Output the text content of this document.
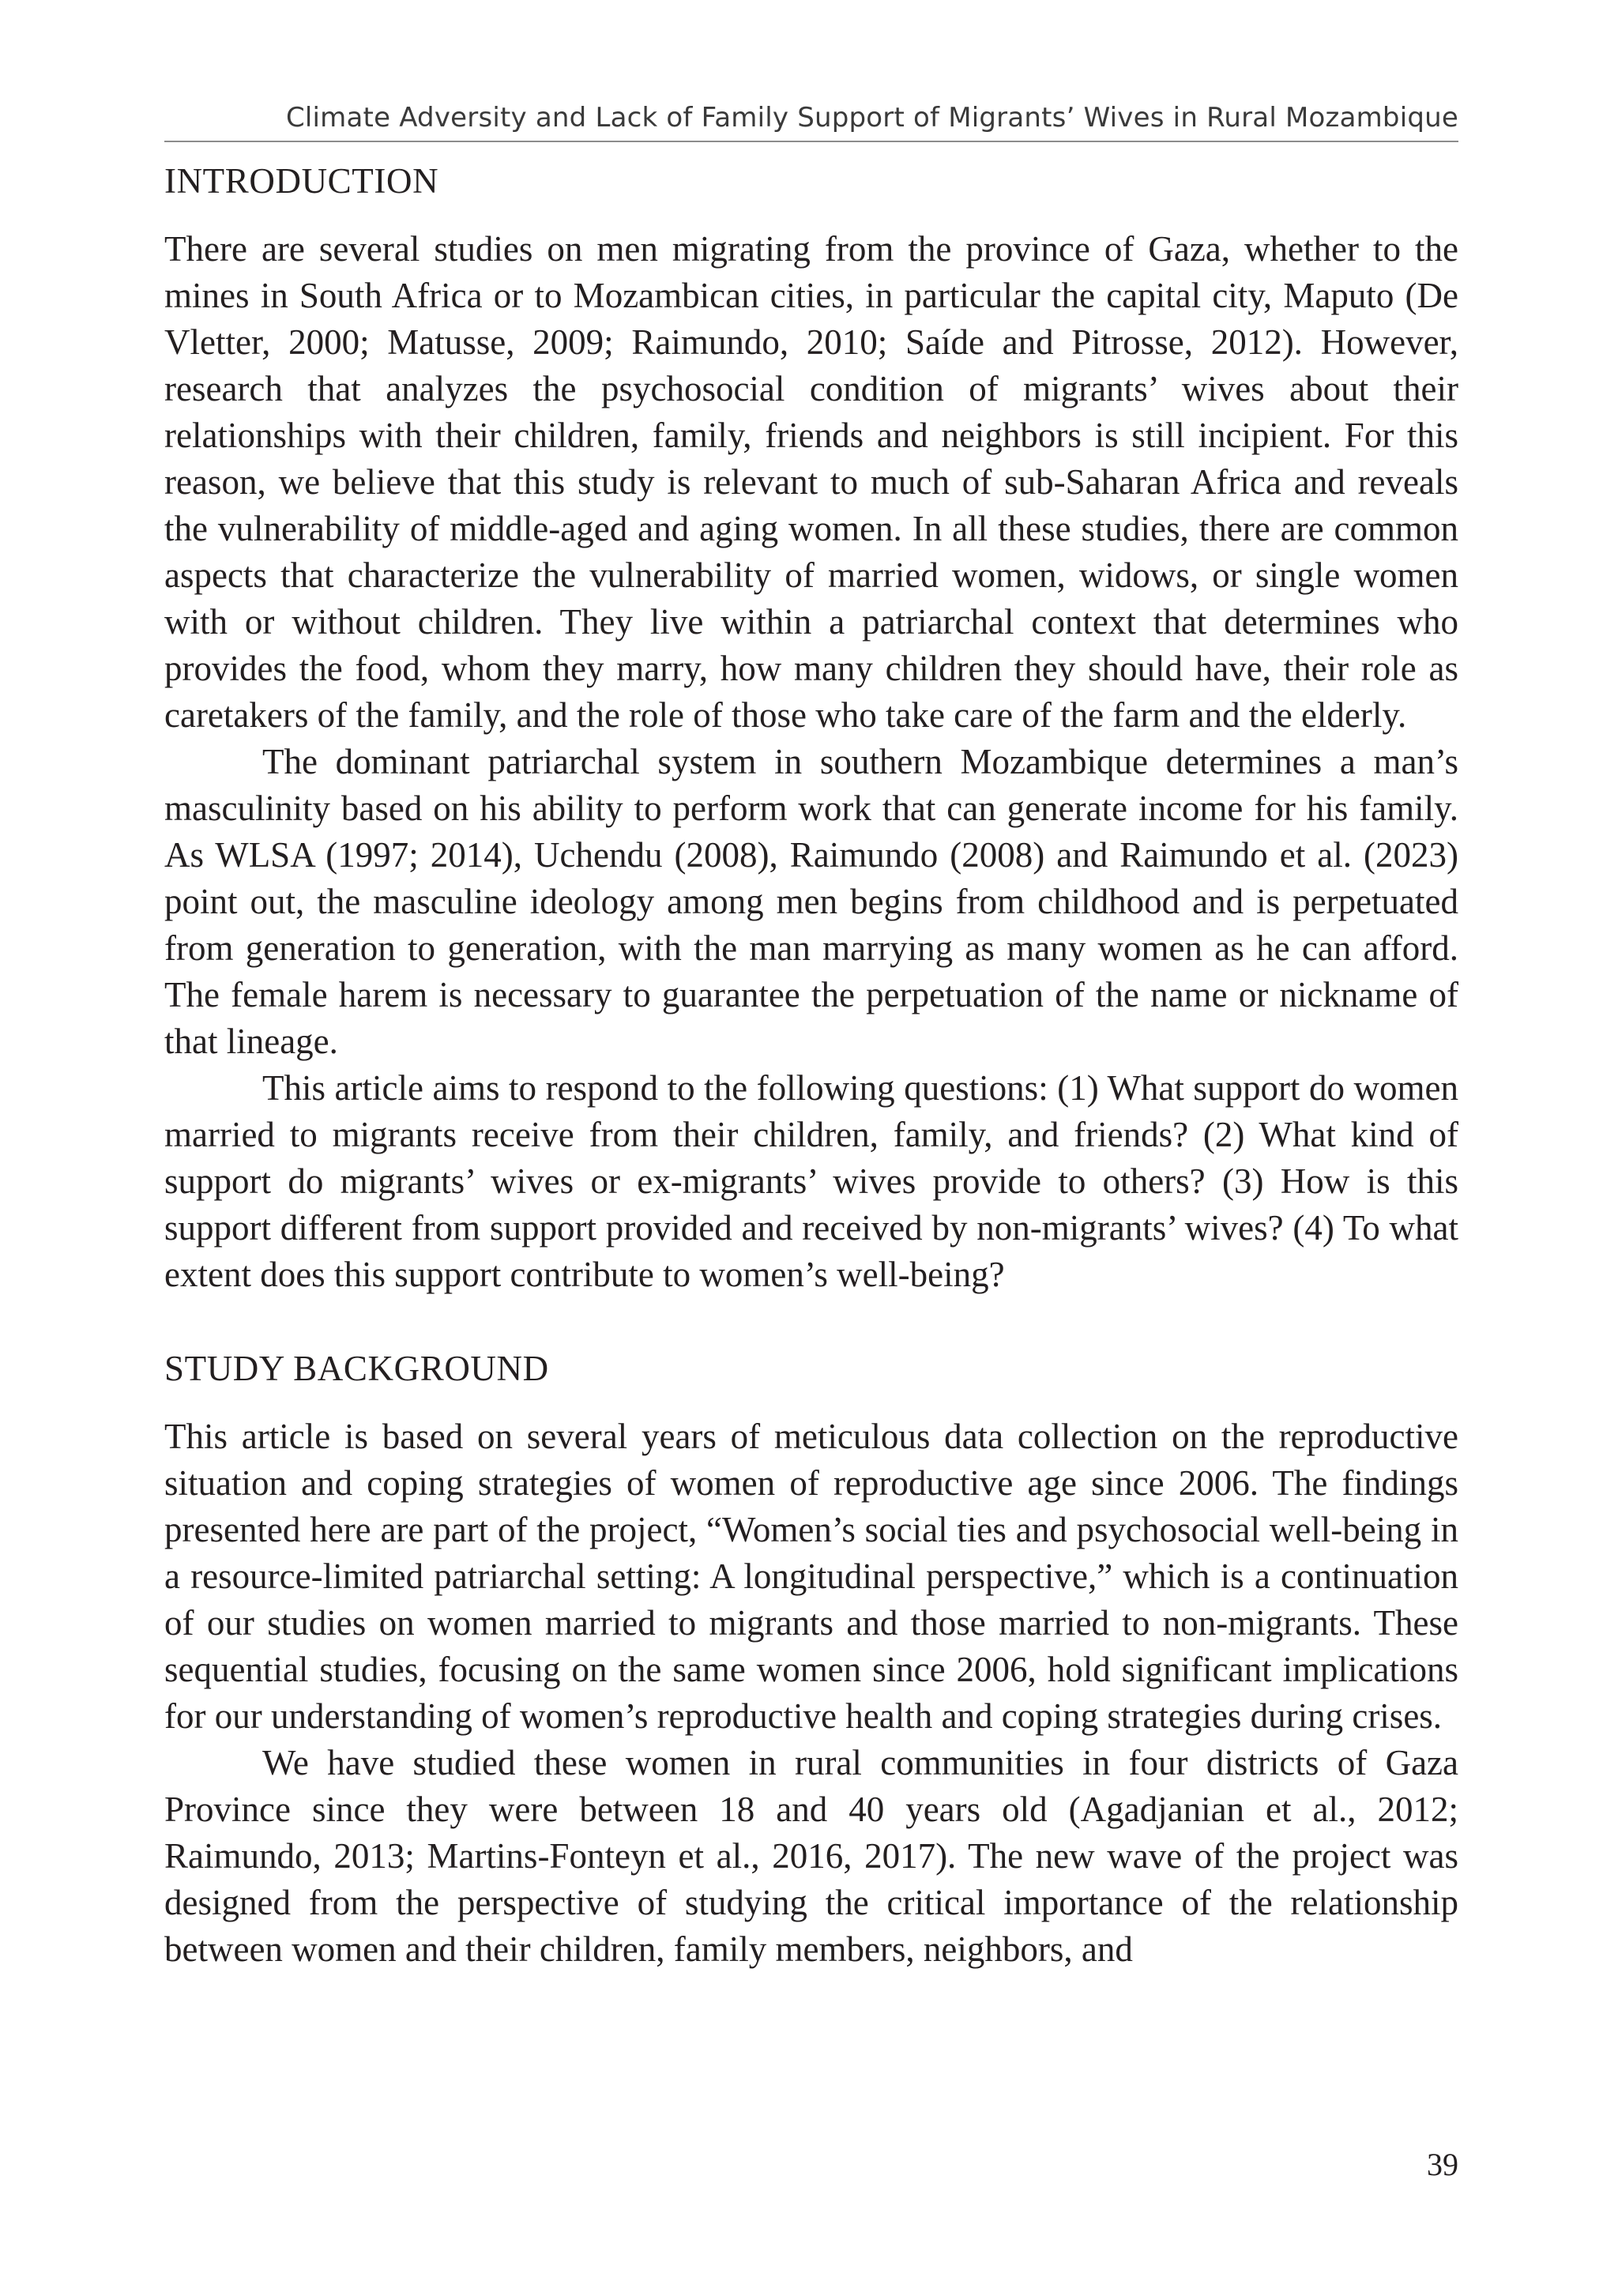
Climate Adversity and Lack of Family Support of Migrants’ Wives in Rural Mozambique
INTRODUCTION

There are several studies on men migrating from the province of Gaza, whether to the mines in South Africa or to Mozambican cities, in particular the capital city, Maputo (De Vletter, 2000; Matusse, 2009; Raimundo, 2010; Saíde and Pitrosse, 2012). However, research that analyzes the psychosocial condition of migrants’ wives about their relationships with their children, family, friends and neighbors is still incipient. For this reason, we believe that this study is relevant to much of sub-Saharan Africa and reveals the vulnerability of middle-aged and aging women. In all these studies, there are common aspects that characterize the vulnerability of married women, widows, or single women with or without children. They live within a patriarchal context that determines who provides the food, whom they marry, how many children they should have, their role as caretakers of the family, and the role of those who take care of the farm and the elderly.

The dominant patriarchal system in southern Mozambique determines a man’s masculinity based on his ability to perform work that can generate income for his family. As WLSA (1997; 2014), Uchendu (2008), Raimundo (2008) and Raimundo et al. (2023) point out, the masculine ideology among men begins from childhood and is perpetuated from generation to generation, with the man marrying as many women as he can afford. The female harem is necessary to guarantee the perpetuation of the name or nickname of that lineage.

This article aims to respond to the following questions: (1) What support do women married to migrants receive from their children, family, and friends? (2) What kind of support do migrants’ wives or ex-migrants’ wives provide to others? (3) How is this support different from support provided and received by non-migrants’ wives? (4) To what extent does this support contribute to women’s well-being?

STUDY BACKGROUND

This article is based on several years of meticulous data collection on the reproductive situation and coping strategies of women of reproductive age since 2006. The findings presented here are part of the project, “Women’s social ties and psychosocial well-being in a resource-limited patriarchal setting: A longitudinal perspective,” which is a continuation of our studies on women married to migrants and those married to non-migrants. These sequential studies, focusing on the same women since 2006, hold significant implications for our understanding of women’s reproductive health and coping strategies during crises.

We have studied these women in rural communities in four districts of Gaza Province since they were between 18 and 40 years old (Agadjanian et al., 2012; Raimundo, 2013; Martins-Fonteyn et al., 2016, 2017). The new wave of the project was designed from the perspective of studying the critical importance of the relationship between women and their children, family members, neighbors, and

39
